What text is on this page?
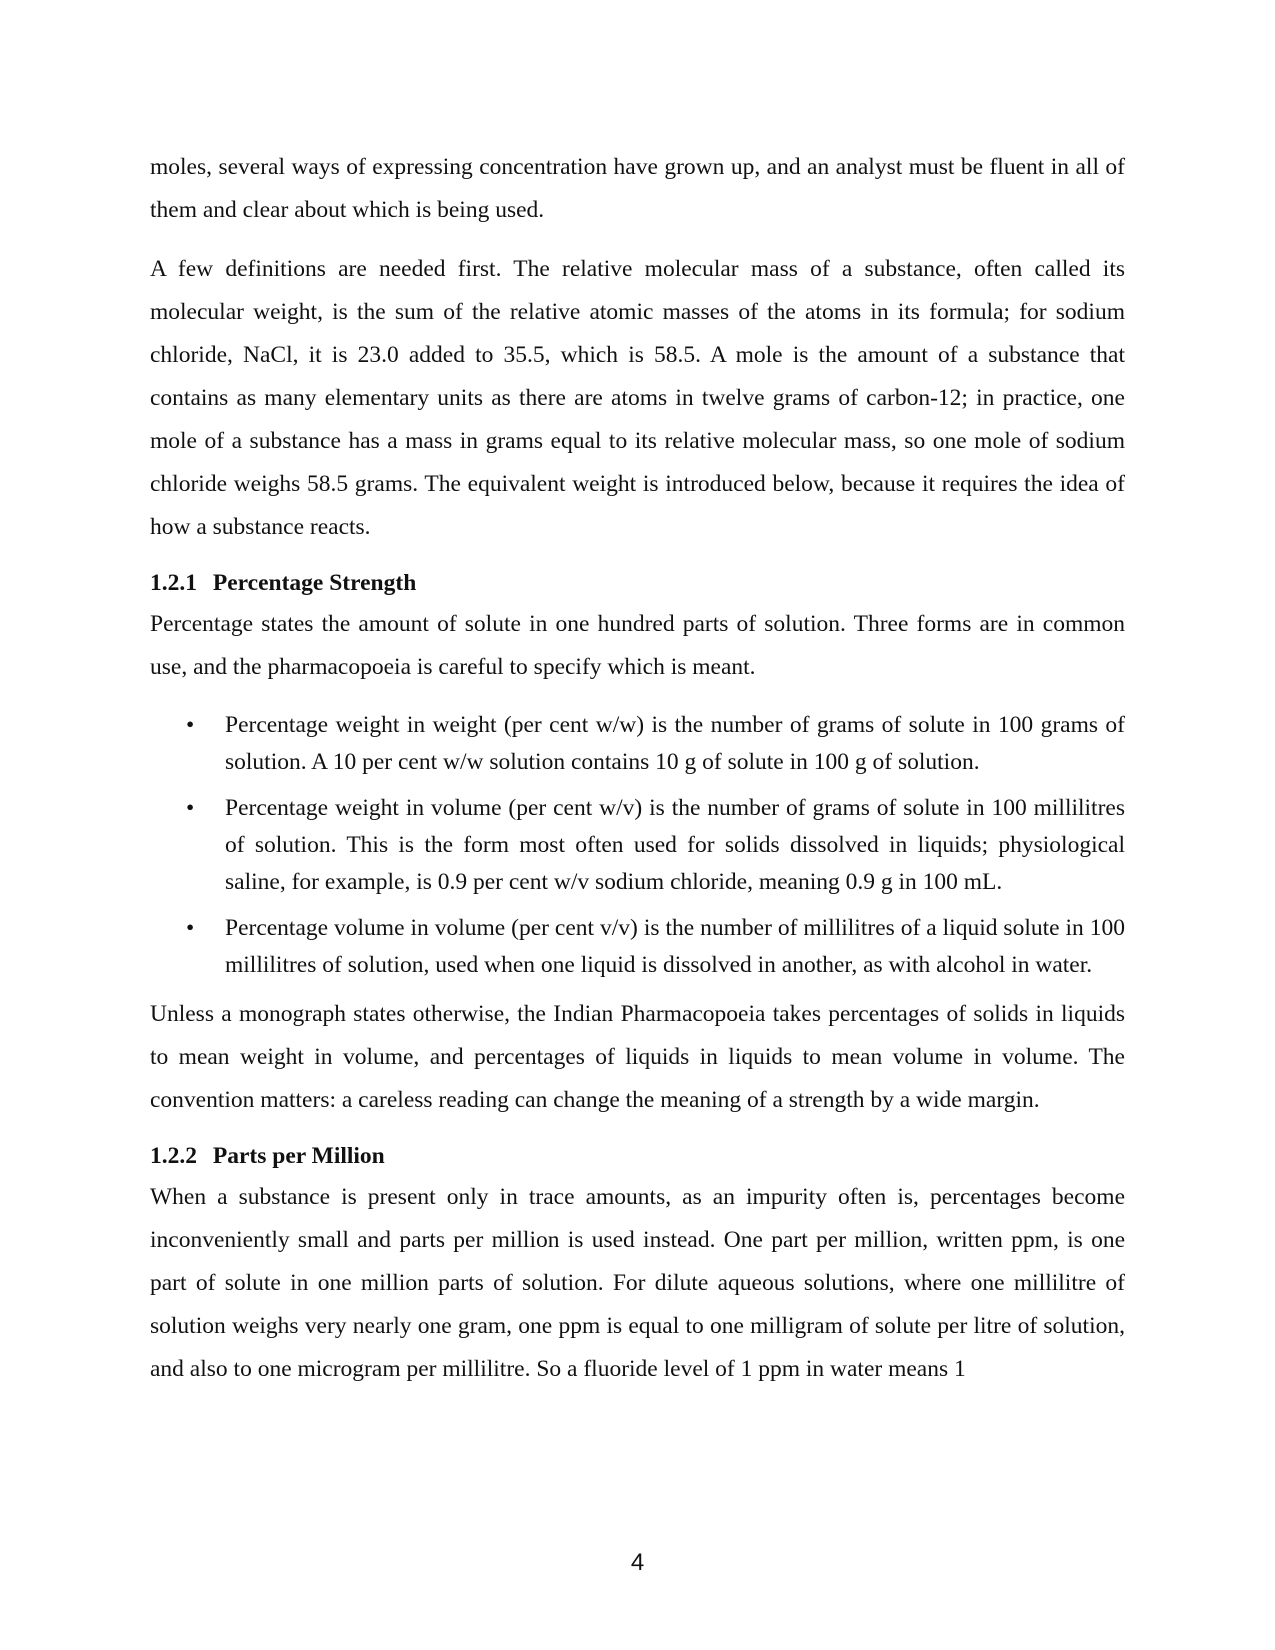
moles, several ways of expressing concentration have grown up, and an analyst must be fluent in all of them and clear about which is being used.

A few definitions are needed first. The relative molecular mass of a substance, often called its molecular weight, is the sum of the relative atomic masses of the atoms in its formula; for sodium chloride, NaCl, it is 23.0 added to 35.5, which is 58.5. A mole is the amount of a substance that contains as many elementary units as there are atoms in twelve grams of carbon-12; in practice, one mole of a substance has a mass in grams equal to its relative molecular mass, so one mole of sodium chloride weighs 58.5 grams. The equivalent weight is introduced below, because it requires the idea of how a substance reacts.

1.2.1 Percentage Strength

Percentage states the amount of solute in one hundred parts of solution. Three forms are in common use, and the pharmacopoeia is careful to specify which is meant.

• Percentage weight in weight (per cent w/w) is the number of grams of solute in 100 grams of solution. A 10 per cent w/w solution contains 10 g of solute in 100 g of solution.
• Percentage weight in volume (per cent w/v) is the number of grams of solute in 100 millilitres of solution. This is the form most often used for solids dissolved in liquids; physiological saline, for example, is 0.9 per cent w/v sodium chloride, meaning 0.9 g in 100 mL.
• Percentage volume in volume (per cent v/v) is the number of millilitres of a liquid solute in 100 millilitres of solution, used when one liquid is dissolved in another, as with alcohol in water.

Unless a monograph states otherwise, the Indian Pharmacopoeia takes percentages of solids in liquids to mean weight in volume, and percentages of liquids in liquids to mean volume in volume. The convention matters: a careless reading can change the meaning of a strength by a wide margin.

1.2.2 Parts per Million

When a substance is present only in trace amounts, as an impurity often is, percentages become inconveniently small and parts per million is used instead. One part per million, written ppm, is one part of solute in one million parts of solution. For dilute aqueous solutions, where one millilitre of solution weighs very nearly one gram, one ppm is equal to one milligram of solute per litre of solution, and also to one microgram per millilitre. So a fluoride level of 1 ppm in water means 1

4
